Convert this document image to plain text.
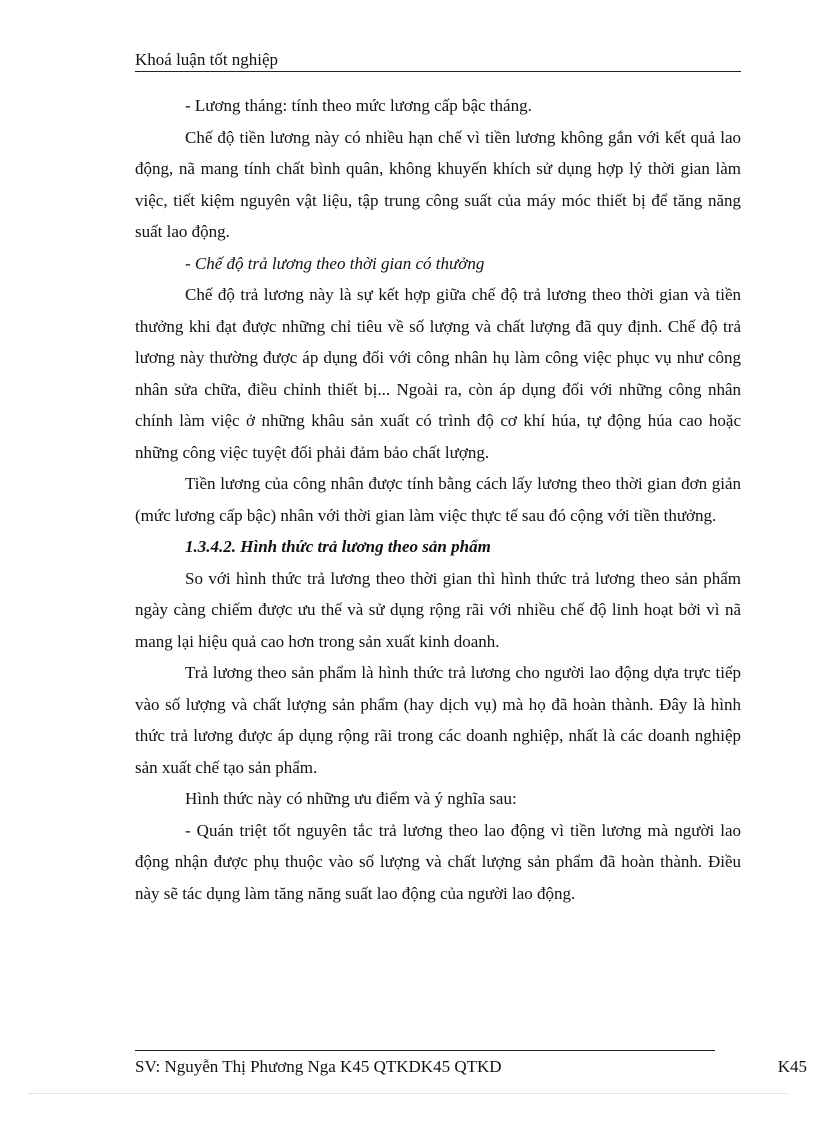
Khoá luận tốt nghiệp

- Lương tháng: tính theo mức lương cấp bậc tháng.

Chế độ tiền lương này có nhiều hạn chế vì tiền lương không gắn với kết quả lao động, nã mang tính chất bình quân, không khuyến khích sử dụng hợp lý thời gian làm việc, tiết kiệm nguyên vật liệu, tập trung công suất của máy móc thiết bị để tăng năng suất lao động.

- Chế độ trả lương theo thời gian có thưởng

Chế độ trả lương này là sự kết hợp giữa chế độ trả lương theo thời gian và tiền thưởng khi đạt được những chỉ tiêu về số lượng và chất lượng đã quy định. Chế độ trả lương này thường được áp dụng đối với công nhân hụ làm công việc phục vụ như công nhân sửa chữa, điều chỉnh thiết bị... Ngoài ra, còn áp dụng đối với những công nhân chính làm việc ở những khâu sản xuất có trình độ cơ khí húa, tự động húa cao hoặc những công việc tuyệt đối phải đảm bảo chất lượng.

Tiền lương của công nhân được tính bằng cách lấy lương theo thời gian đơn giản (mức lương cấp bậc) nhân với thời gian làm việc thực tế sau đó cộng với tiền thưởng.

1.3.4.2. Hình thức trả lương theo sản phẩm

So với hình thức trả lương theo thời gian thì hình thức trả lương theo sản phẩm ngày càng chiếm được ưu thế và sử dụng rộng rãi với nhiều chế độ linh hoạt bởi vì nã mang lại hiệu quả cao hơn trong sản xuất kinh doanh.

Trả lương theo sản phẩm là hình thức trả lương cho người lao động dựa trực tiếp vào số lượng và chất lượng sản phẩm (hay dịch vụ) mà họ đã hoàn thành. Đây là hình thức trả lương được áp dụng rộng rãi trong các doanh nghiệp, nhất là các doanh nghiệp sản xuất chế tạo sản phẩm.

Hình thức này có những ưu điểm và ý nghĩa sau:

- Quán triệt tốt nguyên tắc trả lương theo lao động vì tiền lương mà người lao động nhận được phụ thuộc vào số lượng và chất lượng sản phẩm đã hoàn thành. Điều này sẽ tác dụng làm tăng năng suất lao động của người lao động.

SV: Nguyễn Thị Phương Nga K45 QTKDK45 QTKD	K45
